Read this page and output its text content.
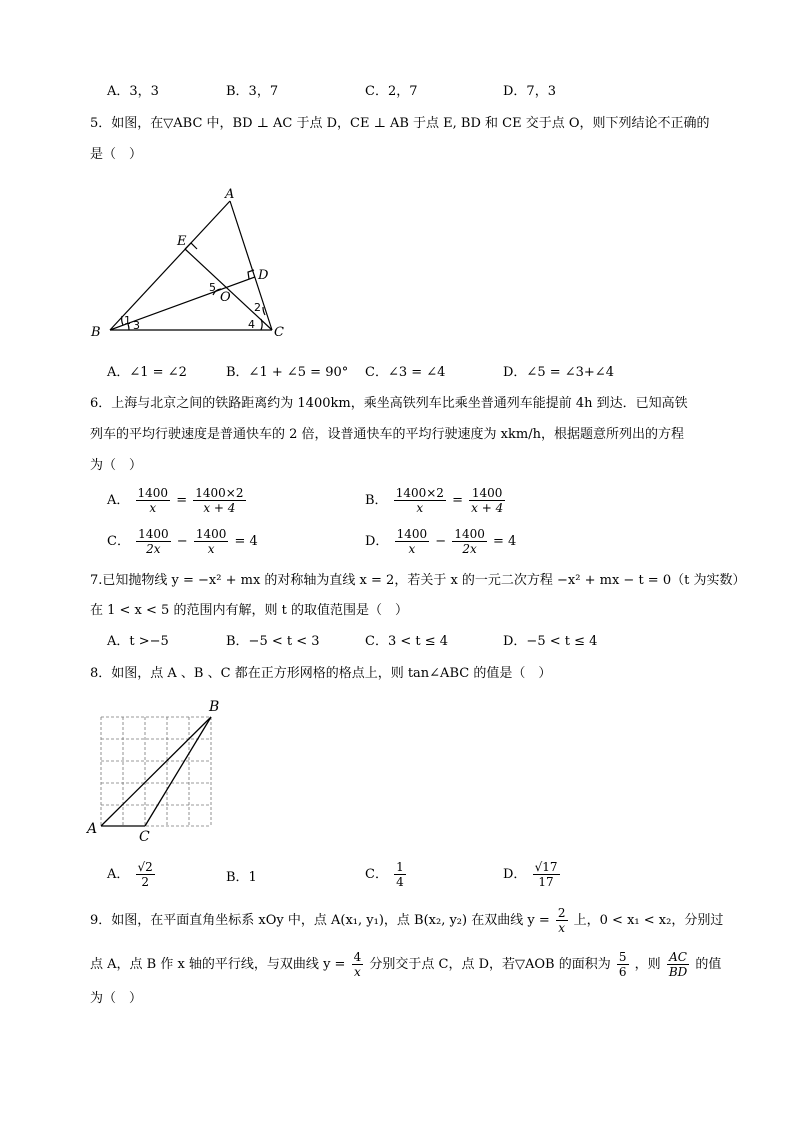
A．3，3	B．3，7	C．2，7	D．7，3
5．如图，在▽ABC 中，BD ⊥ AC 于点 D，CE ⊥ AB 于点 E, BD 和 CE 交于点 O，则下列结论不正确的
是（　）
A
B	C
D
E
O
1 3	4
2
5
A．∠1 = ∠2	B．∠1 + ∠5 = 90° C．∠3 = ∠4	D．∠5 = ∠3+∠4
6．上海与北京之间的铁路距离约为 1400km，乘坐高铁列车比乘坐普通列车能提前 4h 到达．已知高铁
列车的平均行驶速度是普通快车的 2 倍，设普通快车的平均行驶速度为 xkm/h，根据题意所列出的方程
为（　）
A． $\frac{1400}{x} = \frac{1400\times 2}{x + 4}$	B． $\frac{1400\times 2}{x} = \frac{1400}{x + 4}$
C． $\frac{1400}{2x} - \frac{1400}{x} = 4$	D． $\frac{1400}{x} - \frac{1400}{2x} = 4$
7.已知抛物线 y = −x² + mx 的对称轴为直线 x = 2，若关于 x 的一元二次方程 −x² + mx − t = 0（t 为实数）
在 1 < x < 5 的范围内有解，则 t 的取值范围是（　）
A．t >−5	B．−5 < t < 3	C．3 < t ≤ 4	D．−5 < t ≤ 4
8．如图，点 A 、B 、C 都在正方形网格的格点上，则 tan∠ABC 的值是（　）
B
A	C
A． $\frac{√2}{2}$	B．1	C． $\frac{1}{4}$	D． $\frac{√17}{17}$
9．如图，在平面直角坐标系 xOy 中，点 A(x₁, y₁)，点 B(x₂, y₂) 在双曲线 $y = \frac{2}{x}$ 上，0 < x₁ < x₂，分别过
点 A，点 B 作 x 轴的平行线，与双曲线 $y = \frac{4}{x}$ 分别交于点 C，点 D，若▽AOB 的面积为 $\frac{5}{6}$ ，则 $\frac{AC}{BD}$ 的值
为（　）
